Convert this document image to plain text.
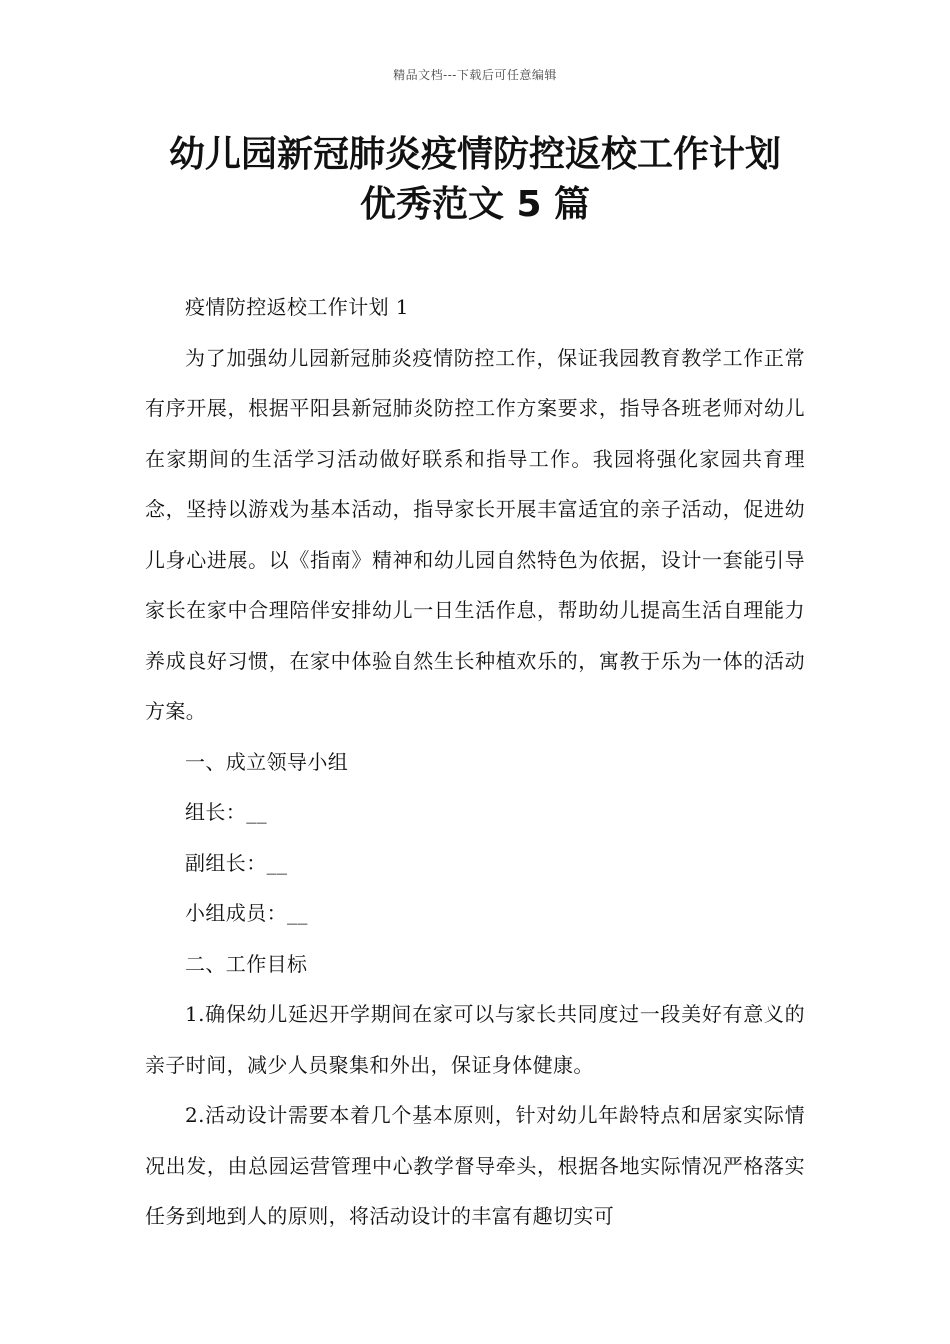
精品文档---下载后可任意编辑
幼儿园新冠肺炎疫情防控返校工作计划
优秀范文 5 篇

疫情防控返校工作计划 1

为了加强幼儿园新冠肺炎疫情防控工作，保证我园教育教学工作正常有序开展，根据平阳县新冠肺炎防控工作方案要求，指导各班老师对幼儿在家期间的生活学习活动做好联系和指导工作。我园将强化家园共育理念，坚持以游戏为基本活动，指导家长开展丰富适宜的亲子活动，促进幼儿身心进展。以《指南》精神和幼儿园自然特色为依据，设计一套能引导家长在家中合理陪伴安排幼儿一日生活作息，帮助幼儿提高生活自理能力养成良好习惯，在家中体验自然生长种植欢乐的，寓教于乐为一体的活动方案。

一、成立领导小组

组长：__

副组长：__

小组成员：__

二、工作目标

1.确保幼儿延迟开学期间在家可以与家长共同度过一段美好有意义的亲子时间，减少人员聚集和外出，保证身体健康。

2.活动设计需要本着几个基本原则，针对幼儿年龄特点和居家实际情况出发，由总园运营管理中心教学督导牵头，根据各地实际情况严格落实任务到地到人的原则，将活动设计的丰富有趣切实可
